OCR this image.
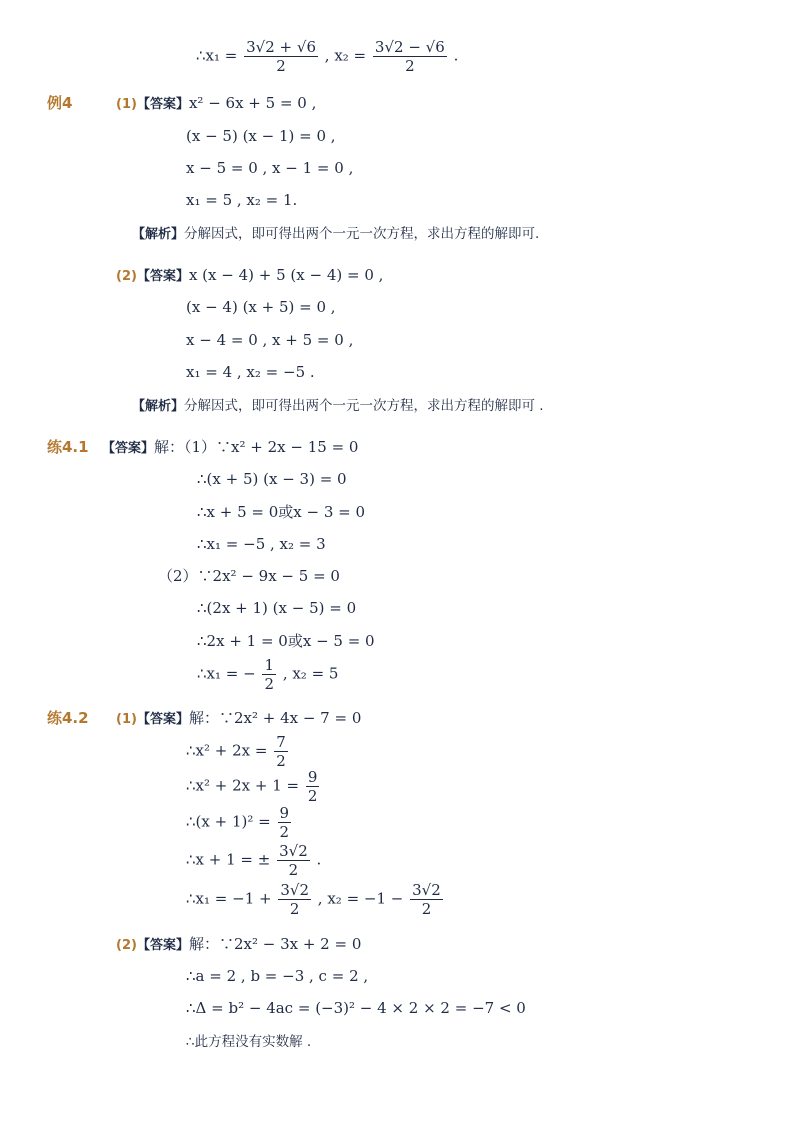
∴x₁ = $\frac{3√2 + √6}{2}$ , $x_2 = \frac{3√2 - √6}{2}$ .
例4	(1)【答案】x² − 6x + 5 = 0 ,
(x − 5) (x − 1) = 0 ,
x − 5 = 0 , x − 1 = 0 ,
x₁ = 5 , x₂ = 1.
【解析】分解因式，即可得出两个一元一次方程，求出方程的解即可.
(2)【答案】x (x − 4) + 5 (x − 4) = 0 ,
(x − 4) (x + 5) = 0 ,
x − 4 = 0 , x + 5 = 0 ,
x₁ = 4 , x₂ = −5 .
【解析】分解因式，即可得出两个一元一次方程，求出方程的解即可 .
练4.1 【答案】解：（1）∵x² + 2x − 15 = 0
∴(x + 5) (x − 3) = 0
∴x + 5 = 0或x − 3 = 0
∴x₁ = −5 , x₂ = 3
（2）∵2x² − 9x − 5 = 0
∴(2x + 1) (x − 5) = 0
∴2x + 1 = 0或x − 5 = 0
∴x₁ = − $\frac{1}{2}$ , x₂ = 5
练4.2 (1)【答案】解：∵2x² + 4x − 7 = 0
∴x² + $2x = \frac{7}{2}$
∴x² + $2x + 1 = \frac{9}{2}$
∴(x + $1)^2 = \frac{9}{2}$
∴x + 1 = ± $\frac{3√2}{2}$ .
∴x₁ = $-1 + \frac{3√2}{2}$ , $x_2 = -1 - \frac{3√2}{2}$
(2)【答案】解：∵2x² − 3x + 2 = 0
∴a = 2 , b = −3 , c = 2 ,
∴Δ = b² − 4ac = (−3)² − 4 × 2 × 2 = −7 < 0
∴此方程没有实数解 .
